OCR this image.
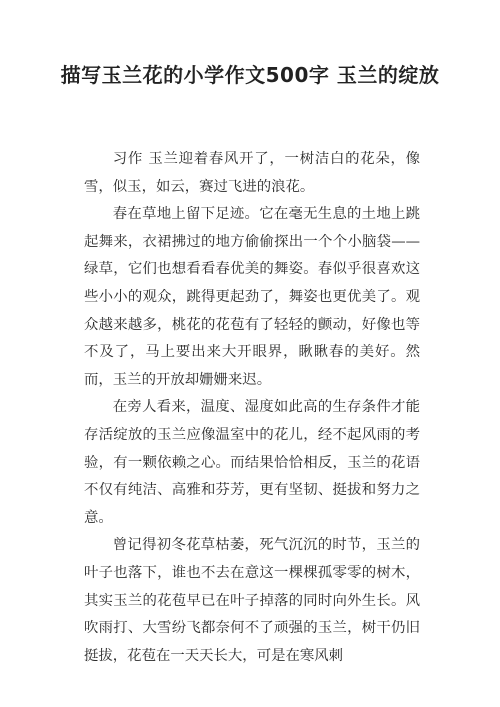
描写玉兰花的小学作文500字 玉兰的绽放

习作 玉兰迎着春风开了，一树洁白的花朵，像雪，似玉，如云，赛过飞进的浪花。

春在草地上留下足迹。它在毫无生息的土地上跳起舞来，衣裙拂过的地方偷偷探出一个个小脑袋——绿草，它们也想看看春优美的舞姿。春似乎很喜欢这些小小的观众，跳得更起劲了，舞姿也更优美了。观众越来越多，桃花的花苞有了轻轻的颤动，好像也等不及了，马上要出来大开眼界，瞅瞅春的美好。然而，玉兰的开放却姗姗来迟。

在旁人看来，温度、湿度如此高的生存条件才能存活绽放的玉兰应像温室中的花儿，经不起风雨的考验，有一颗依赖之心。而结果恰恰相反，玉兰的花语不仅有纯洁、高雅和芬芳，更有坚韧、挺拔和努力之意。

曾记得初冬花草枯萎，死气沉沉的时节，玉兰的叶子也落下，谁也不去在意这一棵棵孤零零的树木，其实玉兰的花苞早已在叶子掉落的同时向外生长。风吹雨打、大雪纷飞都奈何不了顽强的玉兰，树干仍旧挺拔，花苞在一天天长大，可是在寒风刺
